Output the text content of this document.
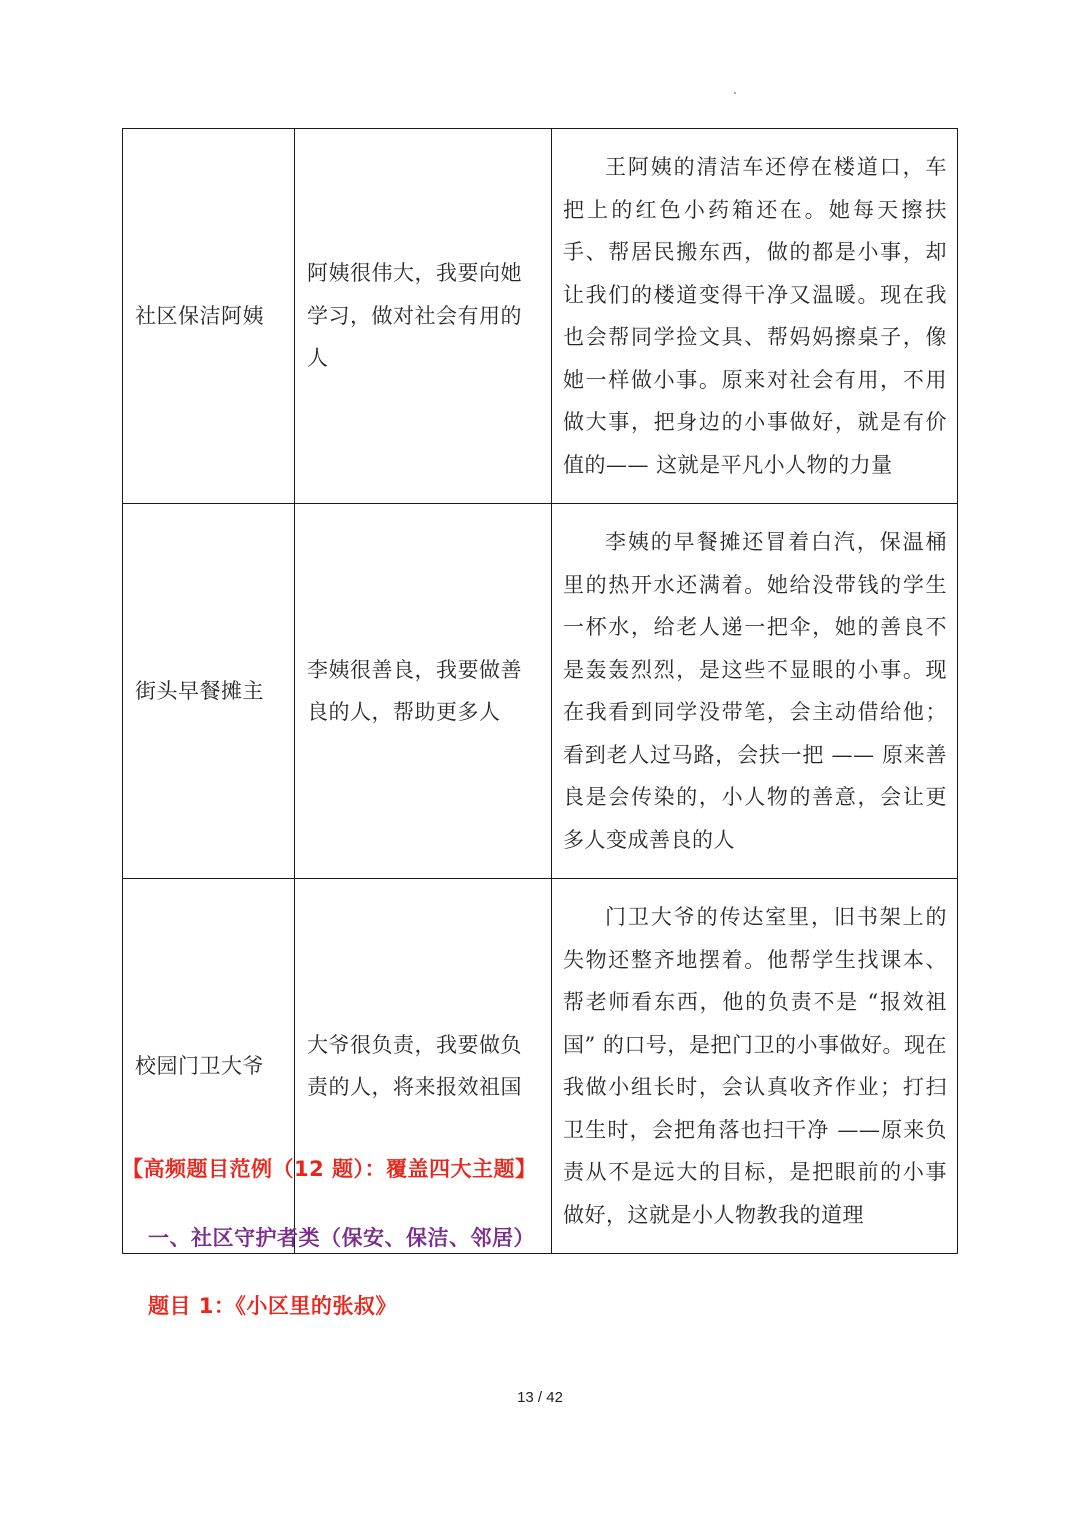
社区保洁阿姨	阿姨很伟大，我要向她学习，做对社会有用的人	王阿姨的清洁车还停在楼道口，车把上的红色小药箱还在。她每天擦扶手、帮居民搬东西，做的都是小事，却让我们的楼道变得干净又温暖。现在我也会帮同学捡文具、帮妈妈擦桌子，像她一样做小事。原来对社会有用，不用做大事，把身边的小事做好，就是有价值的—— 这就是平凡小人物的力量
街头早餐摊主	李姨很善良，我要做善良的人，帮助更多人	李姨的早餐摊还冒着白汽，保温桶里的热开水还满着。她给没带钱的学生一杯水，给老人递一把伞，她的善良不是轰轰烈烈，是这些不显眼的小事。现在我看到同学没带笔，会主动借给他；看到老人过马路，会扶一把 —— 原来善良是会传染的，小人物的善意，会让更多人变成善良的人
校园门卫大爷	大爷很负责，我要做负责的人，将来报效祖国	门卫大爷的传达室里，旧书架上的失物还整齐地摆着。他帮学生找课本、帮老师看东西，他的负责不是 “报效祖国” 的口号，是把门卫的小事做好。现在我做小组长时，会认真收齐作业；打扫卫生时，会把角落也扫干净 ——原来负责从不是远大的目标，是把眼前的小事做好，这就是小人物教我的道理
【高频题目范例（12 题）：覆盖四大主题】
一、社区守护者类（保安、保洁、邻居）
题目 1：《小区里的张叔》
13 / 42
